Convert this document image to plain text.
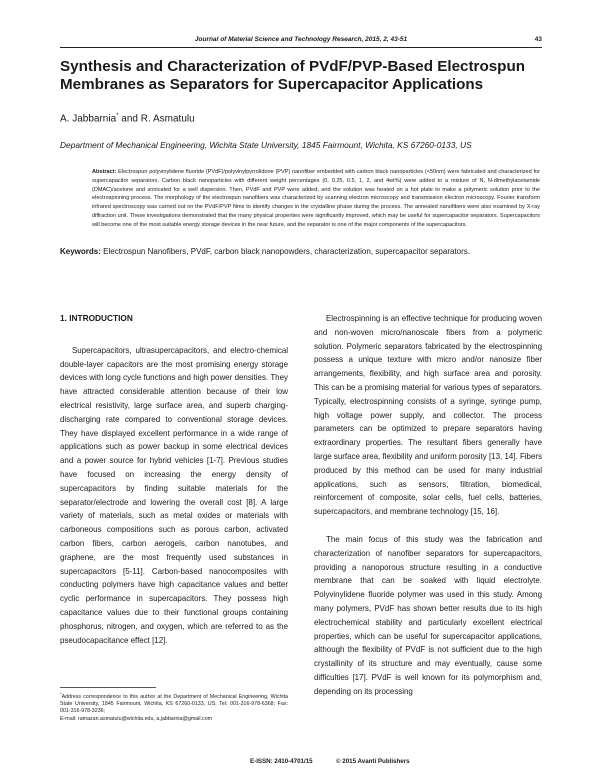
Journal of Material Science and Technology Research, 2015, 2, 43-51	43
Synthesis and Characterization of PVdF/PVP-Based Electrospun Membranes as Separators for Supercapacitor Applications
A. Jabbarnia* and R. Asmatulu
Department of Mechanical Engineering, Wichita State University, 1845 Fairmount, Wichita, KS 67260-0133, US
Abstract: Electrospun polyvinylidene fluoride (PVdF)/polyvinylpyrrolidone (PVP) nanofiber embedded with carbon black nanoparticles (<50nm) were fabricated and characterized for supercapacitor separators. Carbon black nanoparticles with different weight percentages (0, 0.25, 0.5, 1, 2, and 4wt%) were added to a mixture of N, N-dimethylacetamide (DMAC)/acetone and sonicated for a well dispersion. Then, PVdF and PVP were added, and the solution was heated on a hot plate to make a polymeric solution prior to the electrospinning process. The morphology of the electrospun nanofibers was characterized by scanning electron microscopy and transmission electron microscopy. Fourier transform infrared spectroscopy was carried out on the PVdF/PVP films to identify changes in the crystalline phase during the process. The annealed nanofibers were also examined by X-ray diffraction unit. These investigations demonstrated that the many physical properties were significantly improved, which may be useful for supercapacitor separators. Supercapacitors will become one of the most suitable energy storage devices in the near future, and the separator is one of the major components of the supercapacitors.
Keywords: Electrospun Nanofibers, PVdF, carbon black nanopowders, characterization, supercapacitor separators.
1. INTRODUCTION

Supercapacitors, ultrasupercapacitors, and electro-chemical double-layer capacitors are the most promising energy storage devices with long cycle functions and high power densities. They have attracted considerable attention because of their low electrical resistivity, large surface area, and superb charging-discharging rate compared to conventional storage devices. They have displayed excellent performance in a wide range of applications such as power backup in some electrical devices and a power source for hybrid vehicles [1-7]. Previous studies have focused on increasing the energy density of supercapacitors by finding suitable materials for the separator/electrode and lowering the overall cost [8]. A large variety of materials, such as metal oxides or materials with carboneous compositions such as porous carbon, activated carbon fibers, carbon aerogels, carbon nanotubes, and graphene, are the most frequently used substances in supercapacitors [5-11]. Carbon-based nanocomposites with conducting polymers have high capacitance values and better cyclic performance in supercapacitors. They possess high capacitance values due to their functional groups containing phosphorus, nitrogen, and oxygen, which are referred to as the pseudocapacitance effect [12].

Electrospinning is an effective technique for producing woven and non-woven micro/nanoscale fibers from a polymeric solution. Polymeric separators fabricated by the electrospinning possess a unique texture with micro and/or nanosize fiber arrangements, flexibility, and high surface area and porosity. This can be a promising material for various types of separators. Typically, electrospinning consists of a syringe, syringe pump, high voltage power supply, and collector. The process parameters can be optimized to prepare separators having extraordinary properties. The resultant fibers generally have large surface area, flexibility and uniform porosity [13, 14]. Fibers produced by this method can be used for many industrial applications, such as sensors, filtration, biomedical, reinforcement of composite, solar cells, fuel cells, batteries, supercapacitors, and membrane technology [15, 16].

The main focus of this study was the fabrication and characterization of nanofiber separators for supercapacitors, providing a nanoporous structure resulting in a conductive membrane that can be soaked with liquid electrolyte. Polyvinylidene fluoride polymer was used in this study. Among many polymers, PVdF has shown better results due to its high electrochemical stability and particularly excellent electrical properties, which can be useful for supercapacitor applications, although the flexibility of PVdF is not sufficient due to the high crystallinity of its structure and may eventually, cause some difficulties [17]. PVdF is well known for its polymorphism and, depending on its processing

*Address correspondence to this author at the Department of Mechanical Engineering, Wichita State University, 1845 Fairmount, Wichita, KS 67260-0133, US; Tel: 001-316-978-6368; Fax: 001-316-978-3236;
E-mail: ramazan.asmatulu@wichita.edu, a.jabbarnia@gmail.com
E-ISSN: 2410-4701/15	© 2015 Avanti Publishers
